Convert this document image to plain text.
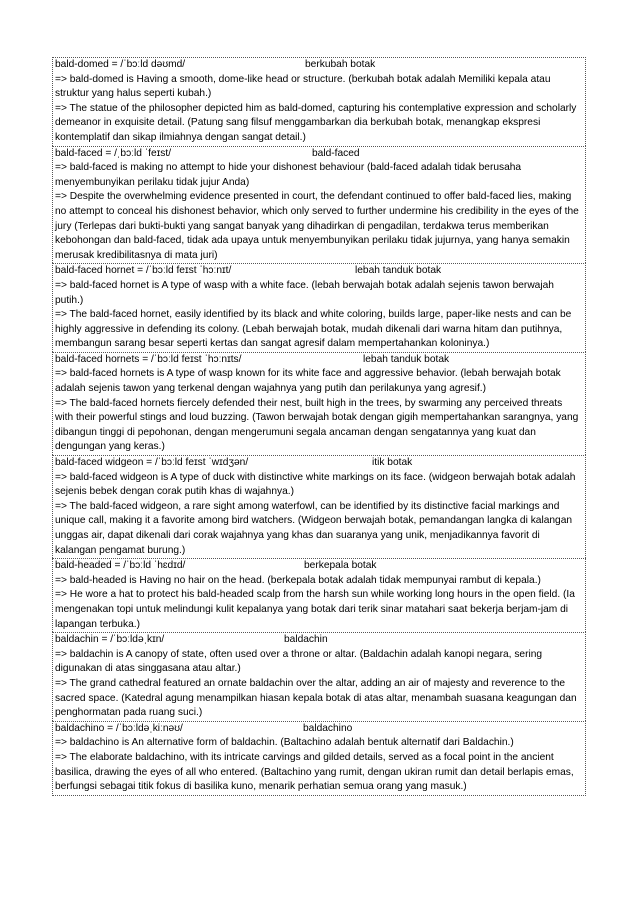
bald-domed = /ˈbɔːld dəʊmd/	berkubah botak

=> bald-domed is Having a smooth, dome-like head or structure. (berkubah botak adalah Memiliki kepala atau struktur yang halus seperti kubah.)

=> The statue of the philosopher depicted him as bald-domed, capturing his contemplative expression and scholarly demeanor in exquisite detail. (Patung sang filsuf menggambarkan dia berkubah botak, menangkap ekspresi kontemplatif dan sikap ilmiahnya dengan sangat detail.)

bald-faced = /ˌbɔːld ˈfeɪst/	bald-faced

=> bald-faced is making no attempt to hide your dishonest behaviour (bald-faced adalah tidak berusaha menyembunyikan perilaku tidak jujur Anda)

=> Despite the overwhelming evidence presented in court, the defendant continued to offer bald-faced lies, making no attempt to conceal his dishonest behavior, which only served to further undermine his credibility in the eyes of the jury (Terlepas dari bukti-bukti yang sangat banyak yang dihadirkan di pengadilan, terdakwa terus memberikan kebohongan dan bald-faced, tidak ada upaya untuk menyembunyikan perilaku tidak jujurnya, yang hanya semakin merusak kredibilitasnya di mata juri)

bald-faced hornet = /ˈbɔːld feɪst ˈhɔːnɪt/	lebah tanduk botak

=> bald-faced hornet is A type of wasp with a white face. (lebah berwajah botak adalah sejenis tawon berwajah putih.)

=> The bald-faced hornet, easily identified by its black and white coloring, builds large, paper-like nests and can be highly aggressive in defending its colony. (Lebah berwajah botak, mudah dikenali dari warna hitam dan putihnya, membangun sarang besar seperti kertas dan sangat agresif dalam mempertahankan koloninya.)

bald-faced hornets = /ˈbɔːld feɪst ˈhɔːnɪts/	lebah tanduk botak

=> bald-faced hornets is A type of wasp known for its white face and aggressive behavior. (lebah berwajah botak adalah sejenis tawon yang terkenal dengan wajahnya yang putih dan perilakunya yang agresif.)

=> The bald-faced hornets fiercely defended their nest, built high in the trees, by swarming any perceived threats with their powerful stings and loud buzzing. (Tawon berwajah botak dengan gigih mempertahankan sarangnya, yang dibangun tinggi di pepohonan, dengan mengerumuni segala ancaman dengan sengatannya yang kuat dan dengungan yang keras.)

bald-faced widgeon = /ˈbɔːld feɪst ˈwɪdʒən/	itik botak

=> bald-faced widgeon is A type of duck with distinctive white markings on its face. (widgeon berwajah botak adalah sejenis bebek dengan corak putih khas di wajahnya.)

=> The bald-faced widgeon, a rare sight among waterfowl, can be identified by its distinctive facial markings and unique call, making it a favorite among bird watchers. (Widgeon berwajah botak, pemandangan langka di kalangan unggas air, dapat dikenali dari corak wajahnya yang khas dan suaranya yang unik, menjadikannya favorit di kalangan pengamat burung.)

bald-headed = /ˈbɔːld ˈhɛdɪd/	berkepala botak

=> bald-headed is Having no hair on the head. (berkepala botak adalah tidak mempunyai rambut di kepala.)

=> He wore a hat to protect his bald-headed scalp from the harsh sun while working long hours in the open field. (Ia mengenakan topi untuk melindungi kulit kepalanya yang botak dari terik sinar matahari saat bekerja berjam-jam di lapangan terbuka.)

baldachin = /ˈbɔːldəˌkɪn/	baldachin

=> baldachin is A canopy of state, often used over a throne or altar. (Baldachin adalah kanopi negara, sering digunakan di atas singgasana atau altar.)

=> The grand cathedral featured an ornate baldachin over the altar, adding an air of majesty and reverence to the sacred space. (Katedral agung menampilkan hiasan kepala botak di atas altar, menambah suasana keagungan dan penghormatan pada ruang suci.)

baldachino = /ˈbɔːldəˌkiːnəʊ/	baldachino

=> baldachino is An alternative form of baldachin. (Baltachino adalah bentuk alternatif dari Baldachin.)

=> The elaborate baldachino, with its intricate carvings and gilded details, served as a focal point in the ancient basilica, drawing the eyes of all who entered. (Baltachino yang rumit, dengan ukiran rumit dan detail berlapis emas, berfungsi sebagai titik fokus di basilika kuno, menarik perhatian semua orang yang masuk.)
